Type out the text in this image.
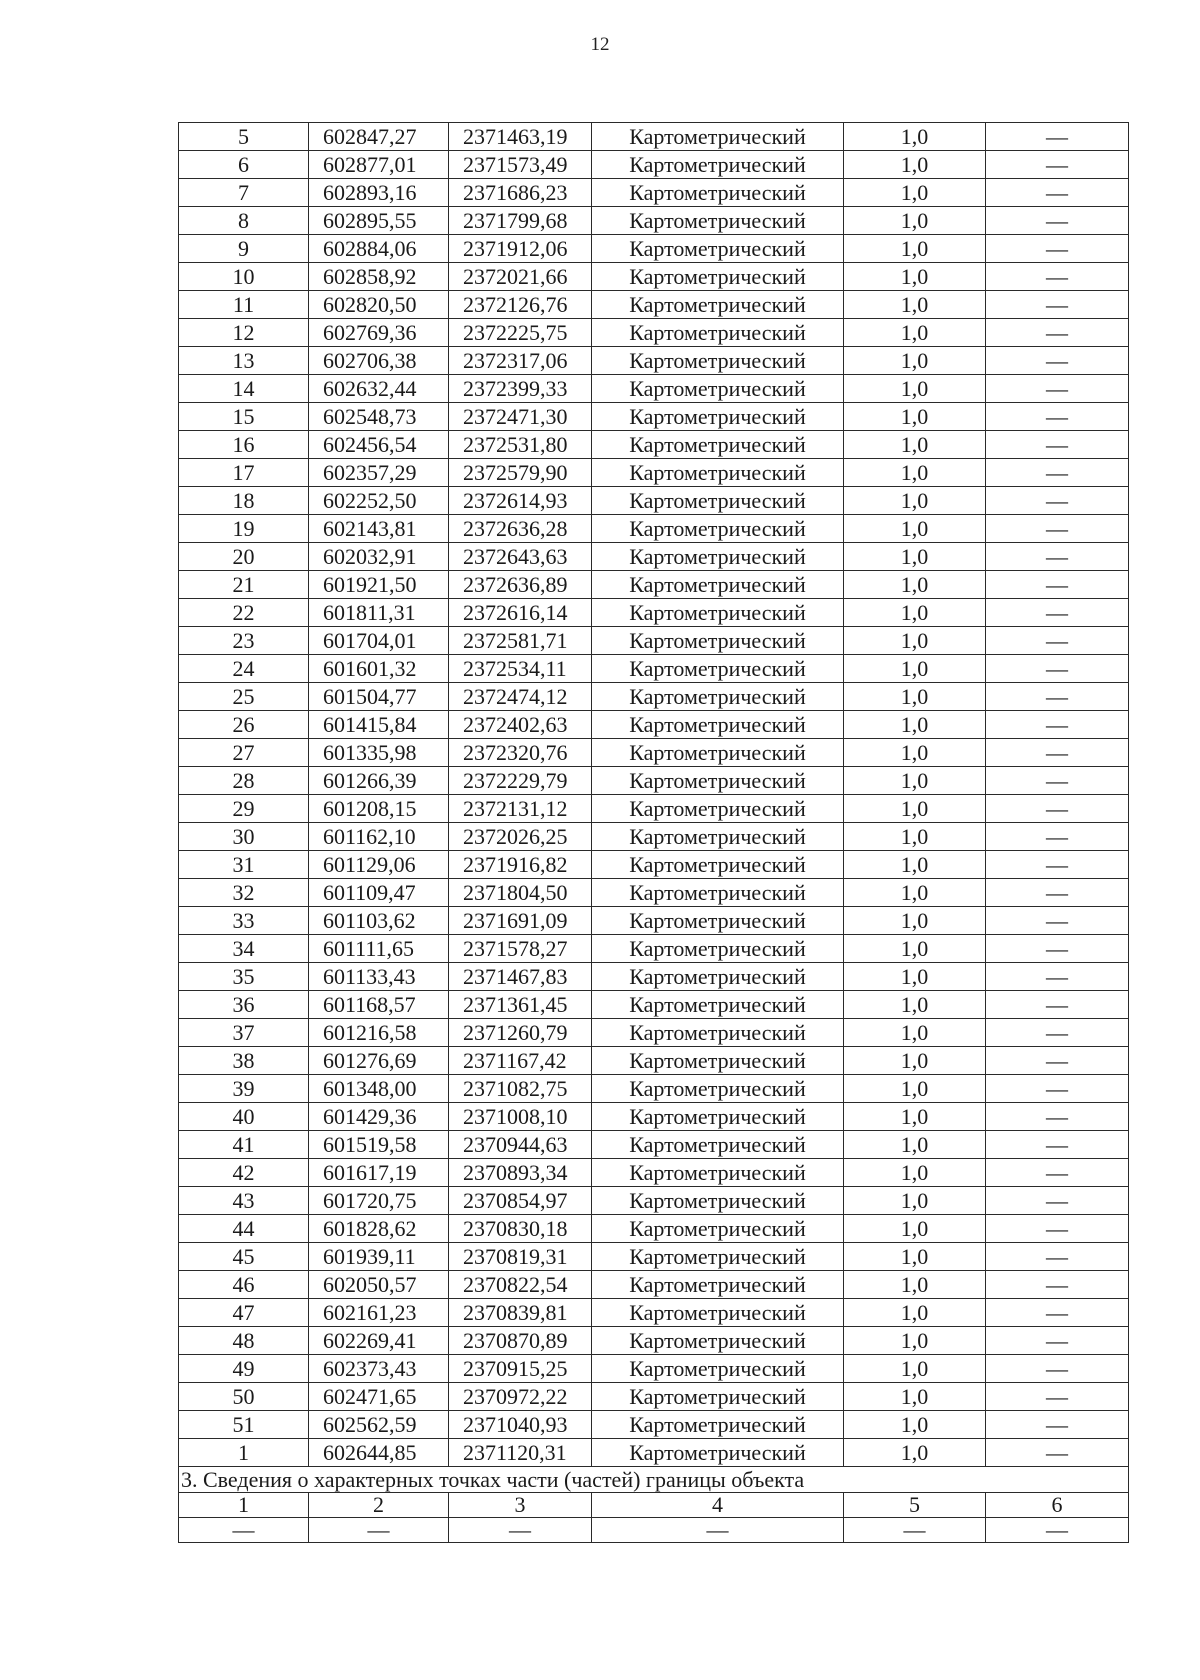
12
5	602847,27	2371463,19	Картометрический	1,0	—
6	602877,01	2371573,49	Картометрический	1,0	—
7	602893,16	2371686,23	Картометрический	1,0	—
8	602895,55	2371799,68	Картометрический	1,0	—
9	602884,06	2371912,06	Картометрический	1,0	—
10	602858,92	2372021,66	Картометрический	1,0	—
11	602820,50	2372126,76	Картометрический	1,0	—
12	602769,36	2372225,75	Картометрический	1,0	—
13	602706,38	2372317,06	Картометрический	1,0	—
14	602632,44	2372399,33	Картометрический	1,0	—
15	602548,73	2372471,30	Картометрический	1,0	—
16	602456,54	2372531,80	Картометрический	1,0	—
17	602357,29	2372579,90	Картометрический	1,0	—
18	602252,50	2372614,93	Картометрический	1,0	—
19	602143,81	2372636,28	Картометрический	1,0	—
20	602032,91	2372643,63	Картометрический	1,0	—
21	601921,50	2372636,89	Картометрический	1,0	—
22	601811,31	2372616,14	Картометрический	1,0	—
23	601704,01	2372581,71	Картометрический	1,0	—
24	601601,32	2372534,11	Картометрический	1,0	—
25	601504,77	2372474,12	Картометрический	1,0	—
26	601415,84	2372402,63	Картометрический	1,0	—
27	601335,98	2372320,76	Картометрический	1,0	—
28	601266,39	2372229,79	Картометрический	1,0	—
29	601208,15	2372131,12	Картометрический	1,0	—
30	601162,10	2372026,25	Картометрический	1,0	—
31	601129,06	2371916,82	Картометрический	1,0	—
32	601109,47	2371804,50	Картометрический	1,0	—
33	601103,62	2371691,09	Картометрический	1,0	—
34	601111,65	2371578,27	Картометрический	1,0	—
35	601133,43	2371467,83	Картометрический	1,0	—
36	601168,57	2371361,45	Картометрический	1,0	—
37	601216,58	2371260,79	Картометрический	1,0	—
38	601276,69	2371167,42	Картометрический	1,0	—
39	601348,00	2371082,75	Картометрический	1,0	—
40	601429,36	2371008,10	Картометрический	1,0	—
41	601519,58	2370944,63	Картометрический	1,0	—
42	601617,19	2370893,34	Картометрический	1,0	—
43	601720,75	2370854,97	Картометрический	1,0	—
44	601828,62	2370830,18	Картометрический	1,0	—
45	601939,11	2370819,31	Картометрический	1,0	—
46	602050,57	2370822,54	Картометрический	1,0	—
47	602161,23	2370839,81	Картометрический	1,0	—
48	602269,41	2370870,89	Картометрический	1,0	—
49	602373,43	2370915,25	Картометрический	1,0	—
50	602471,65	2370972,22	Картометрический	1,0	—
51	602562,59	2371040,93	Картометрический	1,0	—
1	602644,85	2371120,31	Картометрический	1,0	—
3. Сведения о характерных точках части (частей) границы объекта					
1	2	3	4	5	6
—	—	—	—	—	—
